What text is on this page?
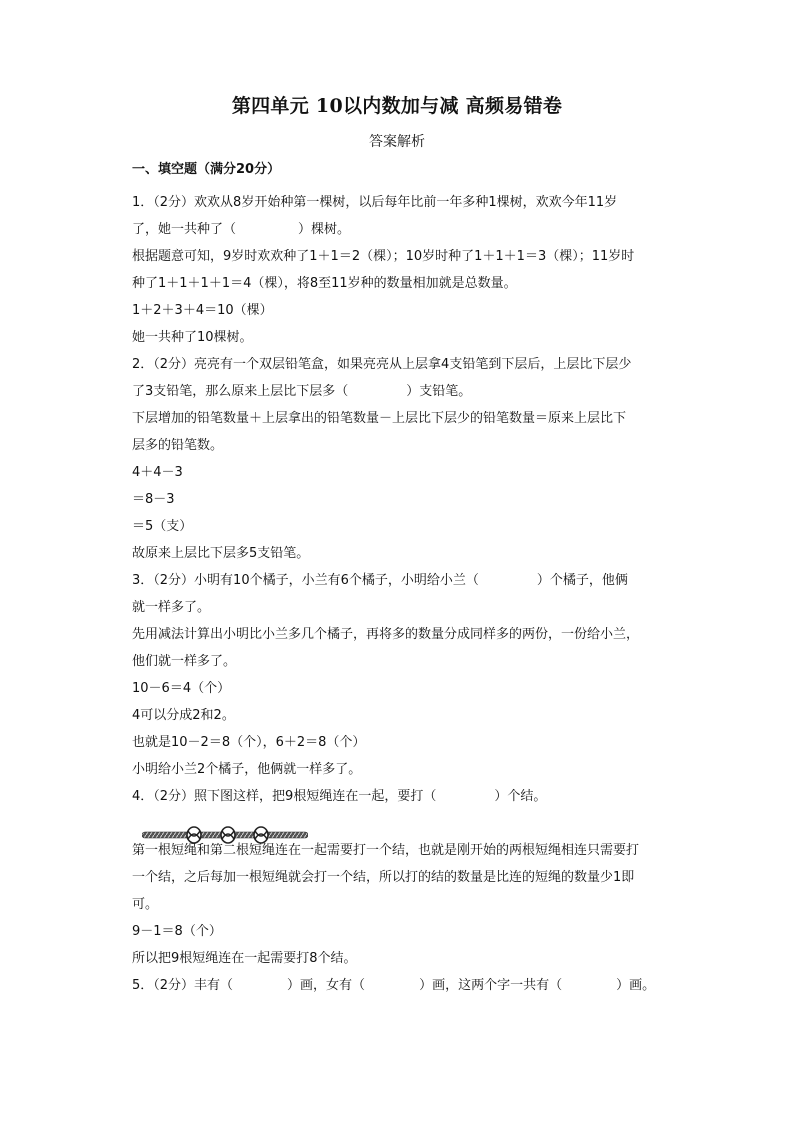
第四单元 10以内数加与减 高频易错卷
答案解析
一、填空题（满分20分）

1．（2分）欢欢从8岁开始种第一棵树，以后每年比前一年多种1棵树，欢欢今年11岁

了，她一共种了（	）棵树。

根据题意可知，9岁时欢欢种了1＋1＝2（棵）；10岁时种了1＋1＋1＝3（棵）；11岁时

种了1＋1＋1＋1＝4（棵），将8至11岁种的数量相加就是总数量。

1＋2＋3＋4＝10（棵）

她一共种了10棵树。

2．（2分）亮亮有一个双层铅笔盒，如果亮亮从上层拿4支铅笔到下层后，上层比下层少

了3支铅笔，那么原来上层比下层多（	）支铅笔。

下层增加的铅笔数量＋上层拿出的铅笔数量－上层比下层少的铅笔数量＝原来上层比下

层多的铅笔数。

4＋4－3

＝8－3

＝5（支）

故原来上层比下层多5支铅笔。

3．（2分）小明有10个橘子，小兰有6个橘子，小明给小兰（	）个橘子，他俩

就一样多了。

先用减法计算出小明比小兰多几个橘子，再将多的数量分成同样多的两份，一份给小兰，

他们就一样多了。

10－6＝4（个）

4可以分成2和2。

也就是10－2＝8（个），6＋2＝8（个）

小明给小兰2个橘子，他俩就一样多了。

4．（2分）照下图这样，把9根短绳连在一起，要打（	）个结。

第一根短绳和第二根短绳连在一起需要打一个结，也就是刚开始的两根短绳相连只需要打

一个结，之后每加一根短绳就会打一个结，所以打的结的数量是比连的短绳的数量少1即

可。

9－1＝8（个）

所以把9根短绳连在一起需要打8个结。

5．（2分）丰有（	）画，女有（	）画，这两个字一共有（	）画。
